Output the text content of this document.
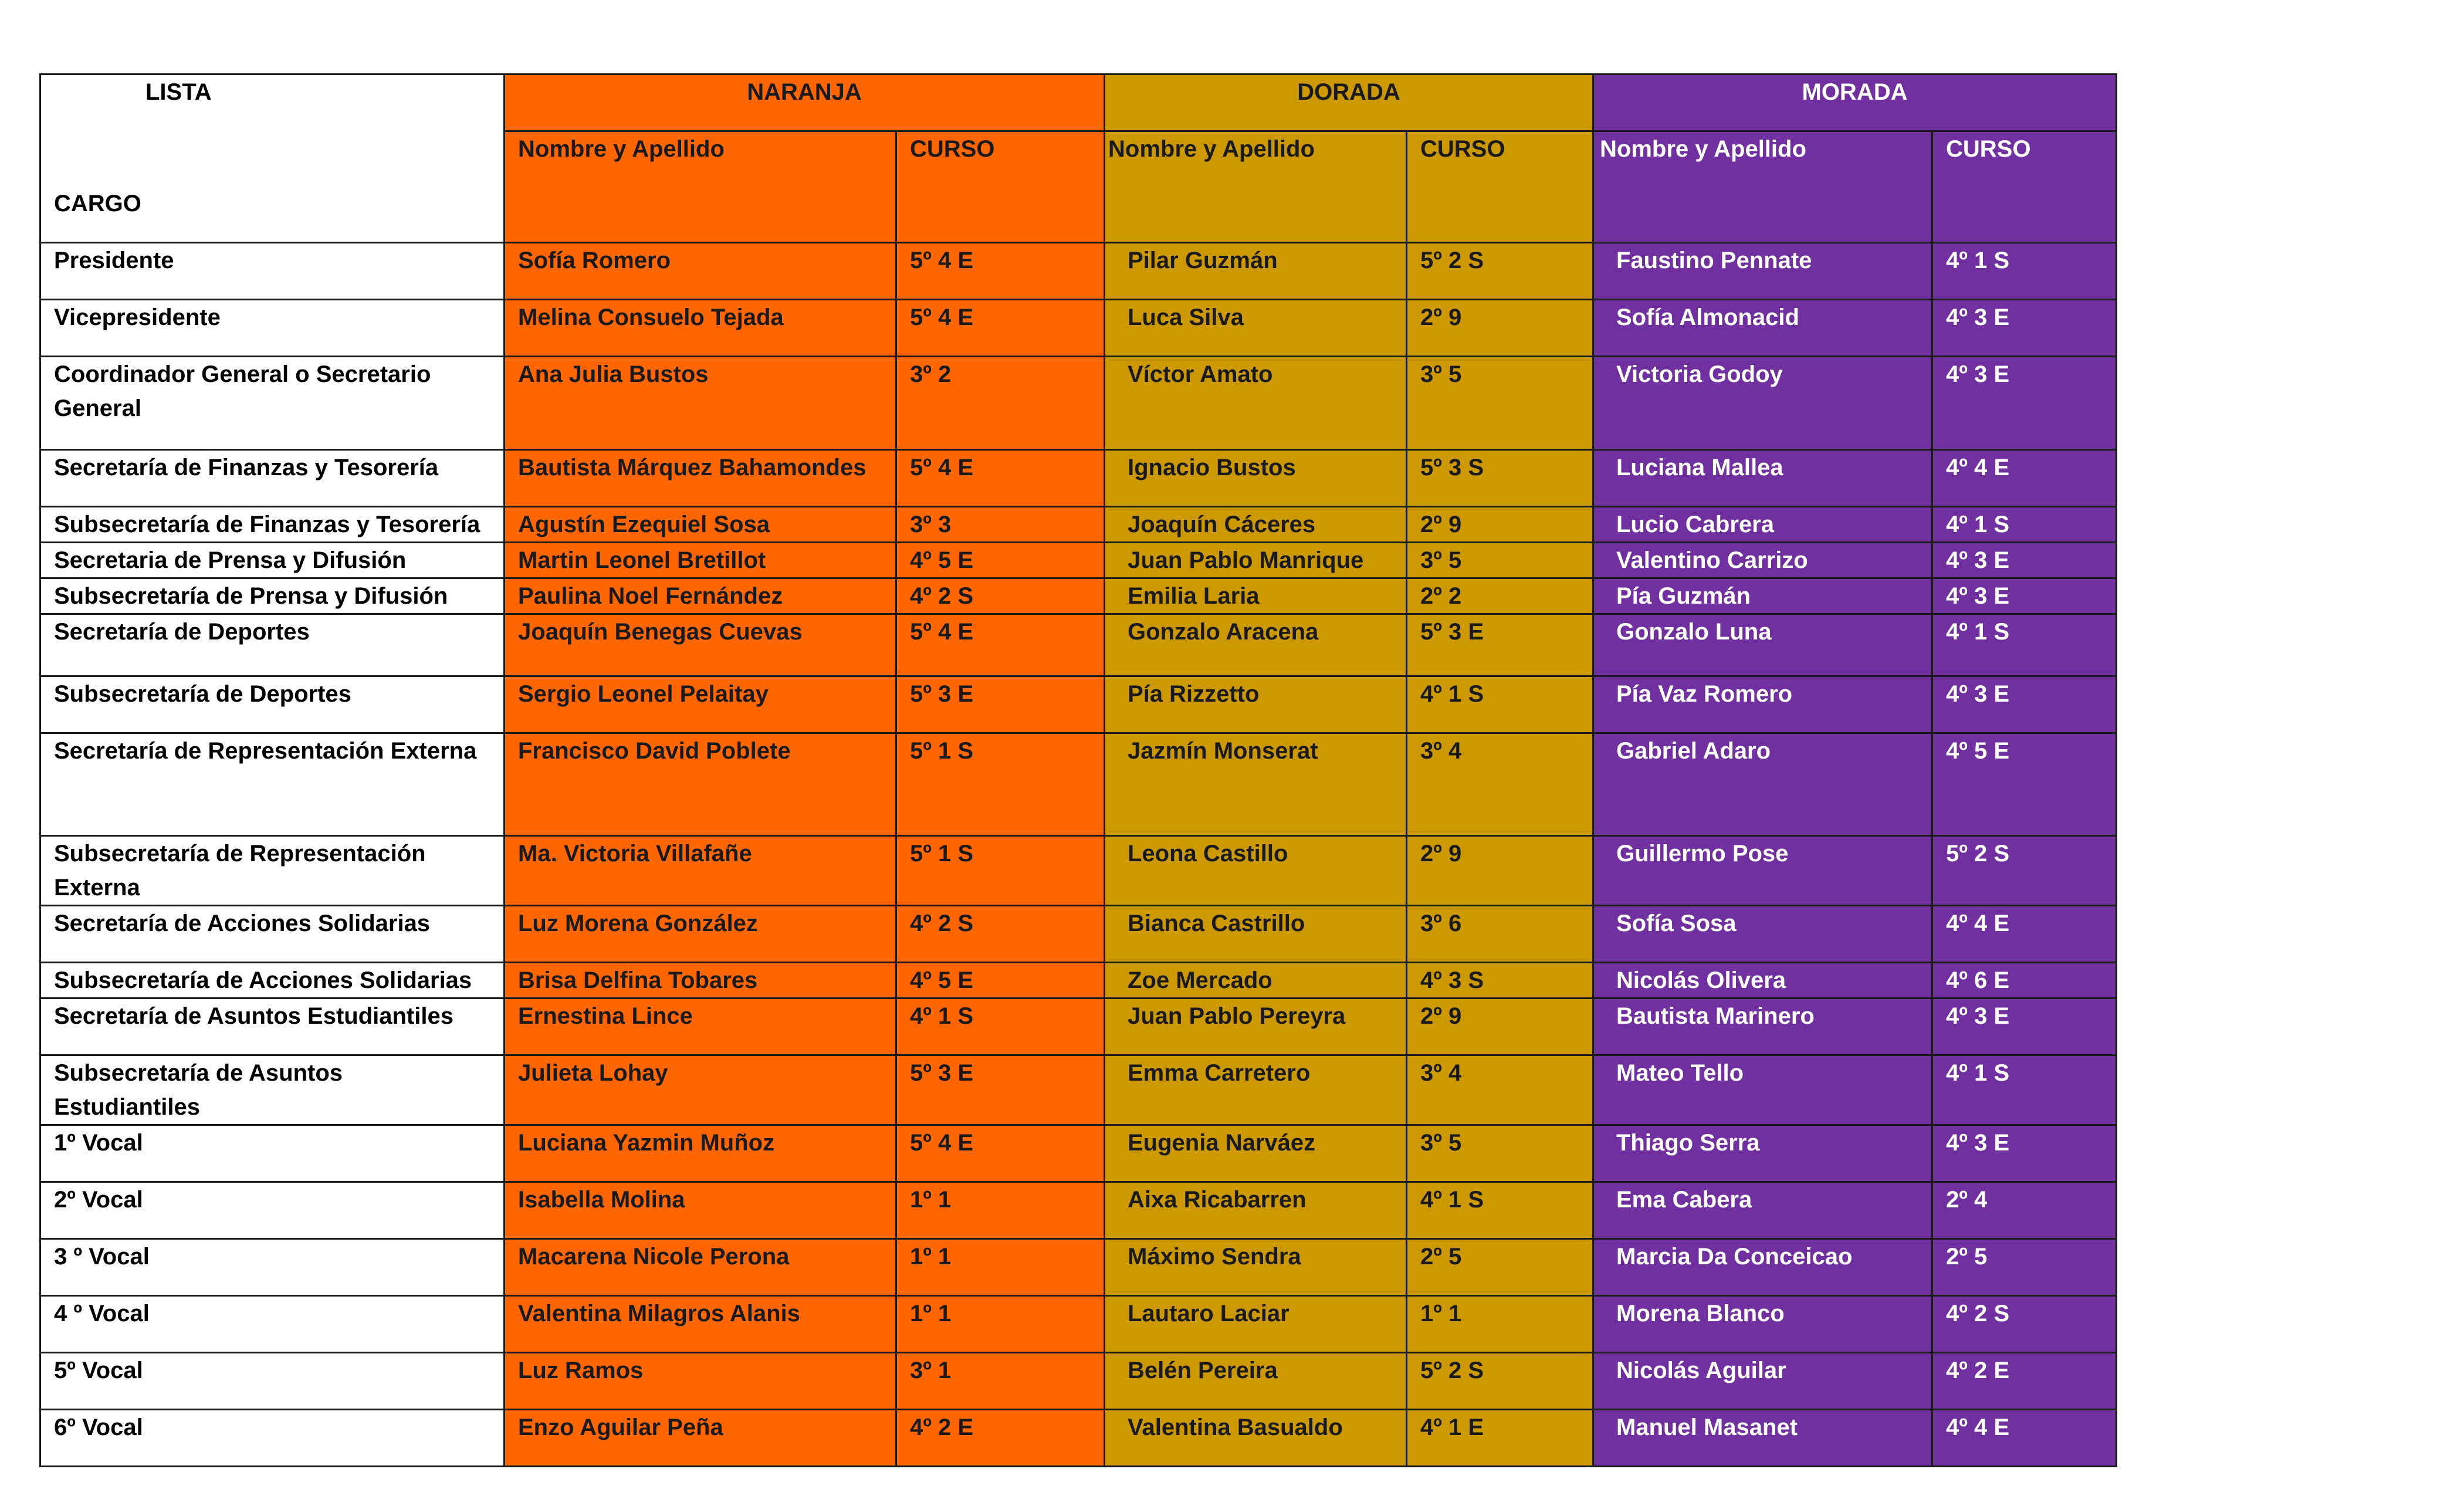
LISTA
CARGO	NARANJA		DORADA		MORADA	
	Nombre y Apellido	CURSO	Nombre y Apellido	CURSO	Nombre y Apellido	CURSO
Presidente	Sofía Romero	5º 4 E	Pilar Guzmán	5º 2 S	Faustino Pennate	4º 1 S
Vicepresidente	Melina Consuelo Tejada	5º 4 E	Luca Silva	2º 9	Sofía Almonacid	4º 3 E
Coordinador General o Secretario General	Ana Julia Bustos	3º 2	Víctor Amato	3º 5	Victoria Godoy	4º 3 E
Secretaría de Finanzas y Tesorería	Bautista Márquez Bahamondes	5º 4 E	Ignacio Bustos	5º 3 S	Luciana Mallea	4º 4 E
Subsecretaría de Finanzas y Tesorería	Agustín Ezequiel Sosa	3º 3	Joaquín Cáceres	2º 9	Lucio Cabrera	4º 1 S
Secretaria de Prensa y Difusión	Martin Leonel Bretillot	4º 5 E	Juan Pablo Manrique	3º 5	Valentino Carrizo	4º 3 E
Subsecretaría de Prensa y Difusión	Paulina Noel Fernández	4º 2 S	Emilia Laria	2º 2	Pía Guzmán	4º 3 E
Secretaría de Deportes	Joaquín Benegas Cuevas	5º 4 E	Gonzalo Aracena	5º 3 E	Gonzalo Luna	4º 1 S
Subsecretaría de Deportes	Sergio Leonel Pelaitay	5º 3 E	Pía Rizzetto	4º 1 S	Pía Vaz Romero	4º 3 E
Secretaría de Representación Externa	Francisco David Poblete	5º 1 S	Jazmín Monserat	3º 4	Gabriel Adaro	4º 5 E
Subsecretaría de Representación Externa	Ma. Victoria Villafañe	5º 1 S	Leona Castillo	2º 9	Guillermo Pose	5º 2 S
Secretaría de Acciones Solidarias	Luz Morena González	4º 2 S	Bianca Castrillo	3º 6	Sofía Sosa	4º 4 E
Subsecretaría de Acciones Solidarias	Brisa Delfina Tobares	4º 5 E	Zoe Mercado	4º 3 S	Nicolás Olivera	4º 6 E
Secretaría de Asuntos Estudiantiles	Ernestina Lince	4º 1 S	Juan Pablo Pereyra	2º 9	Bautista Marinero	4º 3 E
Subsecretaría de Asuntos Estudiantiles	Julieta Lohay	5º 3 E	Emma Carretero	3º 4	Mateo Tello	4º 1 S
1º Vocal	Luciana Yazmin Muñoz	5º 4 E	Eugenia Narváez	3º 5	Thiago Serra	4º 3 E
2º Vocal	Isabella Molina	1º 1	Aixa Ricabarren	4º 1 S	Ema Cabera	2º 4
3 º Vocal	Macarena Nicole Perona	1º 1	Máximo Sendra	2º 5	Marcia Da Conceicao	2º 5
4 º Vocal	Valentina Milagros Alanis	1º 1	Lautaro Laciar	1º 1	Morena Blanco	4º 2 S
5º Vocal	Luz Ramos	3º 1	Belén Pereira	5º 2 S	Nicolás Aguilar	4º 2 E
6º Vocal	Enzo Aguilar Peña	4º 2 E	Valentina Basualdo	4º 1 E	Manuel Masanet	4º 4 E
